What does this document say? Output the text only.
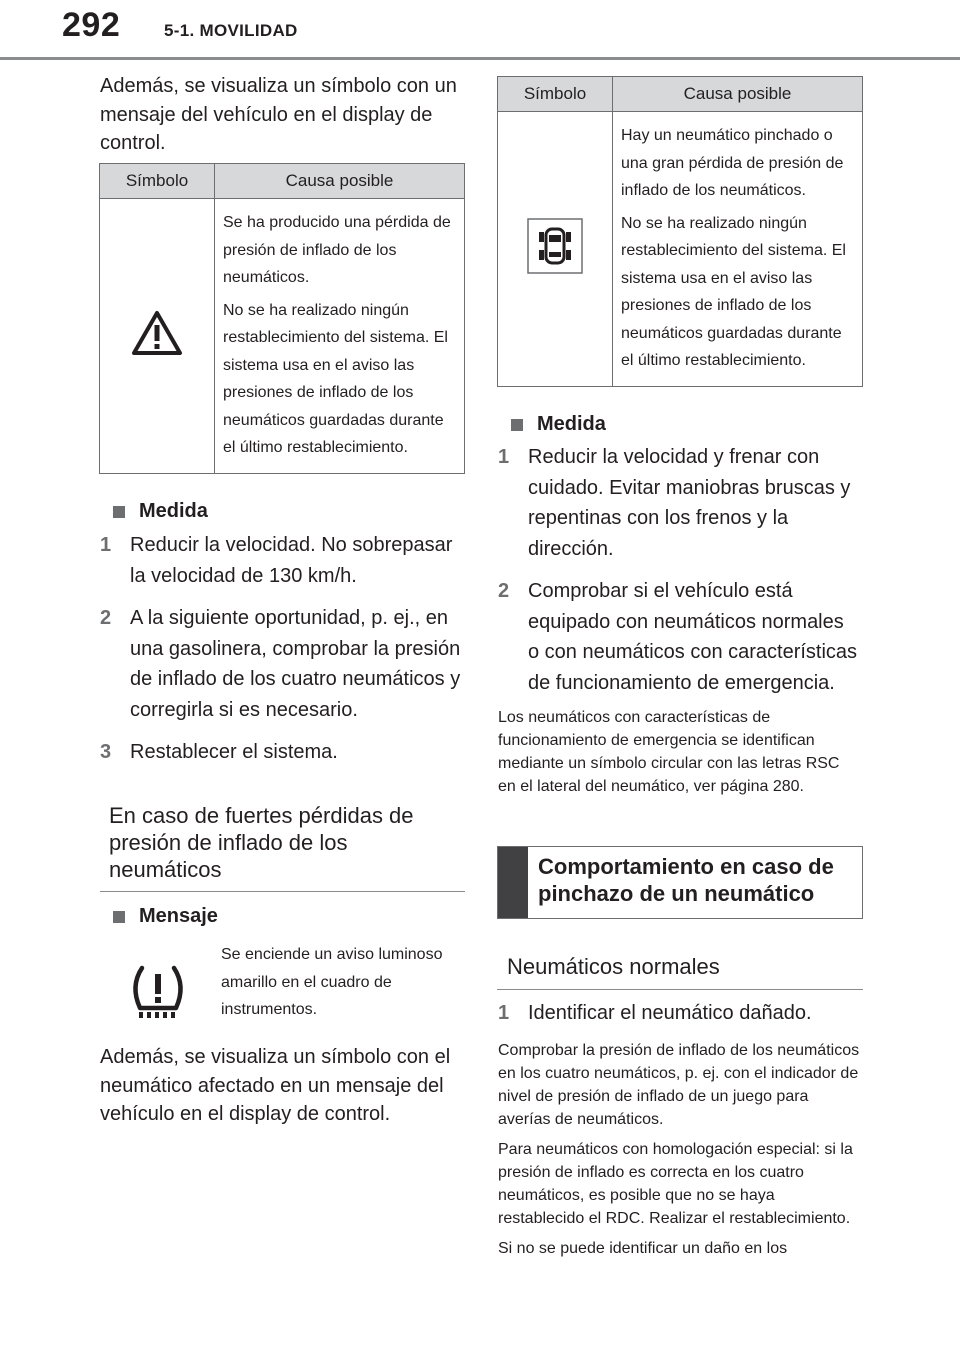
292	5-1. MOVILIDAD
Además, se visualiza un símbolo con un mensaje del vehículo en el display de control.
Símbolo	Causa posible

Se ha producido una pérdida de presión de inflado de los neumáticos.

No se ha realizado ningún restablecimiento del sistema. El sistema usa en el aviso las presiones de inflado de los neumáticos guardadas durante el último restablecimiento.

Medida
1 Reducir la velocidad. No sobrepasar la velocidad de 130 km/h.
2 A la siguiente oportunidad, p. ej., en una gasolinera, comprobar la presión de inflado de los cuatro neumáticos y corregirla si es necesario.
3 Restablecer el sistema.
En caso de fuertes pérdidas de presión de inflado de los neumáticos
Mensaje
Se enciende un aviso luminoso amarillo en el cuadro de instrumentos.
Además, se visualiza un símbolo con el neumático afectado en un mensaje del vehículo en el display de control.
Símbolo	Causa posible

Hay un neumático pinchado o una gran pérdida de presión de inflado de los neumáticos.

No se ha realizado ningún restablecimiento del sistema. El sistema usa en el aviso las presiones de inflado de los neumáticos guardadas durante el último restablecimiento.

Medida
1 Reducir la velocidad y frenar con cuidado. Evitar maniobras bruscas y repentinas con los frenos y la dirección.
2 Comprobar si el vehículo está equipado con neumáticos normales o con neumáticos con características de funcionamiento de emergencia.
Los neumáticos con características de funcionamiento de emergencia se identifican mediante un símbolo circular con las letras RSC en el lateral del neumático, ver página 280.
Comportamiento en caso de pinchazo de un neumático
Neumáticos normales
1 Identificar el neumático dañado.
Comprobar la presión de inflado de los neumáticos en los cuatro neumáticos, p. ej. con el indicador de nivel de presión de inflado de un juego para averías de neumáticos.
Para neumáticos con homologación especial: si la presión de inflado es correcta en los cuatro neumáticos, es posible que no se haya restablecido el RDC. Realizar el restablecimiento.
Si no se puede identificar un daño en los
